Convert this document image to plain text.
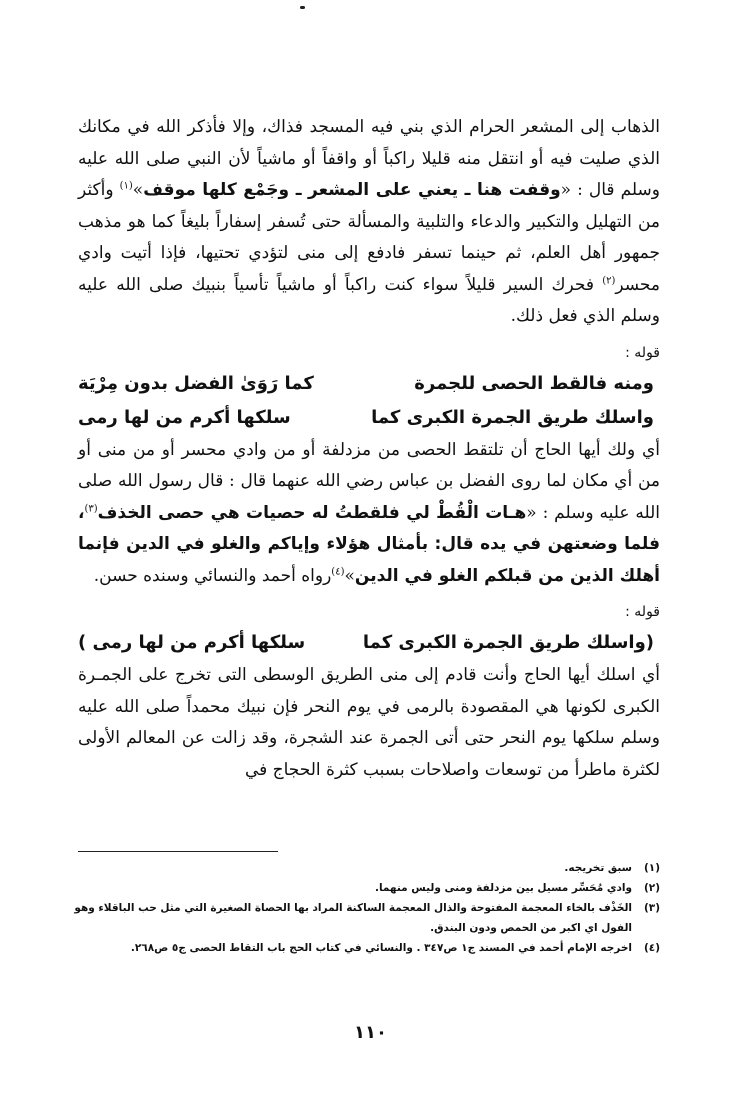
الذهاب إلى المشعر الحرام الذي بني فيه المسجد فذاك، وإلا فأذكر الله في مكانك الذي صليت فيه أو انتقل منه قليلا راكباً أو واقفاً أو ماشياً لأن النبي صلى الله عليه وسلم قال : «وقفت هنا ـ يعني على المشعر ـ وجَمْع كلها موقف»$^{(١)}$ وأكثر من التهليل والتكبير والدعاء والتلبية والمسألة حتى تُسفر إسفاراً بليغاً كما هو مذهب جمهور أهل العلم، ثم حينما تسفر فادفع إلى منى لتؤدي تحتيها، فإذا أتيت وادي محسر$^{(٢)}$ فحرك السير قليلاً سواء كنت راكباً أو ماشياً تأسياً بنبيك صلى الله عليه وسلم الذي فعل ذلك.

قوله :
ومنه فالقط الحصى للجمرة
كما رَوَىٰ الفضل بدون مِرْيَة
واسلك طريق الجمرة الكبرى كما
سلكها أكرم من لها رمى

أي ولك أيها الحاج أن تلتقط الحصى من مزدلفة أو من وادي محسر أو من منى أو من أي مكان لما روى الفضل بن عباس رضي الله عنهما قال : قال رسول الله صلى الله عليه وسلم : «هـات الْقُطْ لي فلقطتُ له حصيات هي حصى الخذف$^{(٣)}$، فلما وضعتهن في يده قال: بأمثال هؤلاء وإياكم والغلو في الدين فإنما أهلك الذين من قبلكم الغلو في الدين»$^{(٤)}$رواه أحمد والنسائي وسنده حسن.

قوله :
(واسلك طريق الجمرة الكبرى كما
سلكها أكرم من لها رمى )

أي اسلك أيها الحاج وأنت قادم إلى منى الطريق الوسطى التى تخرج على الجمـرة الكبرى لكونها هي المقصودة بالرمى في يوم النحر فإن نبيك محمداً صلى الله عليه وسلم سلكها يوم النحر حتى أتى الجمرة عند الشجرة، وقد زالت عن المعالم الأولى لكثرة ماطرأ من توسعات واصلاحات بسبب كثرة الحجاج في

(١)
سبق تخريجه.
(٢)
وادي مُحَسِّر مسيل بين مزدلفة ومنى وليس منهما.
(٣)
الخَذْف بالخاء المعجمة المفتوحة والذال المعجمة الساكنة المراد بها الحصاة الصغيرة التي مثل حب الباقلاء وهو الفول اي اكبر من الحمص ودون البندق.
(٤)
اخرجه الإمام أحمد في المسند ج١ ص٣٤٧ . والنسائي في كتاب الحج باب التقاط الحصى ج٥ ص٢٦٨.
١١٠
